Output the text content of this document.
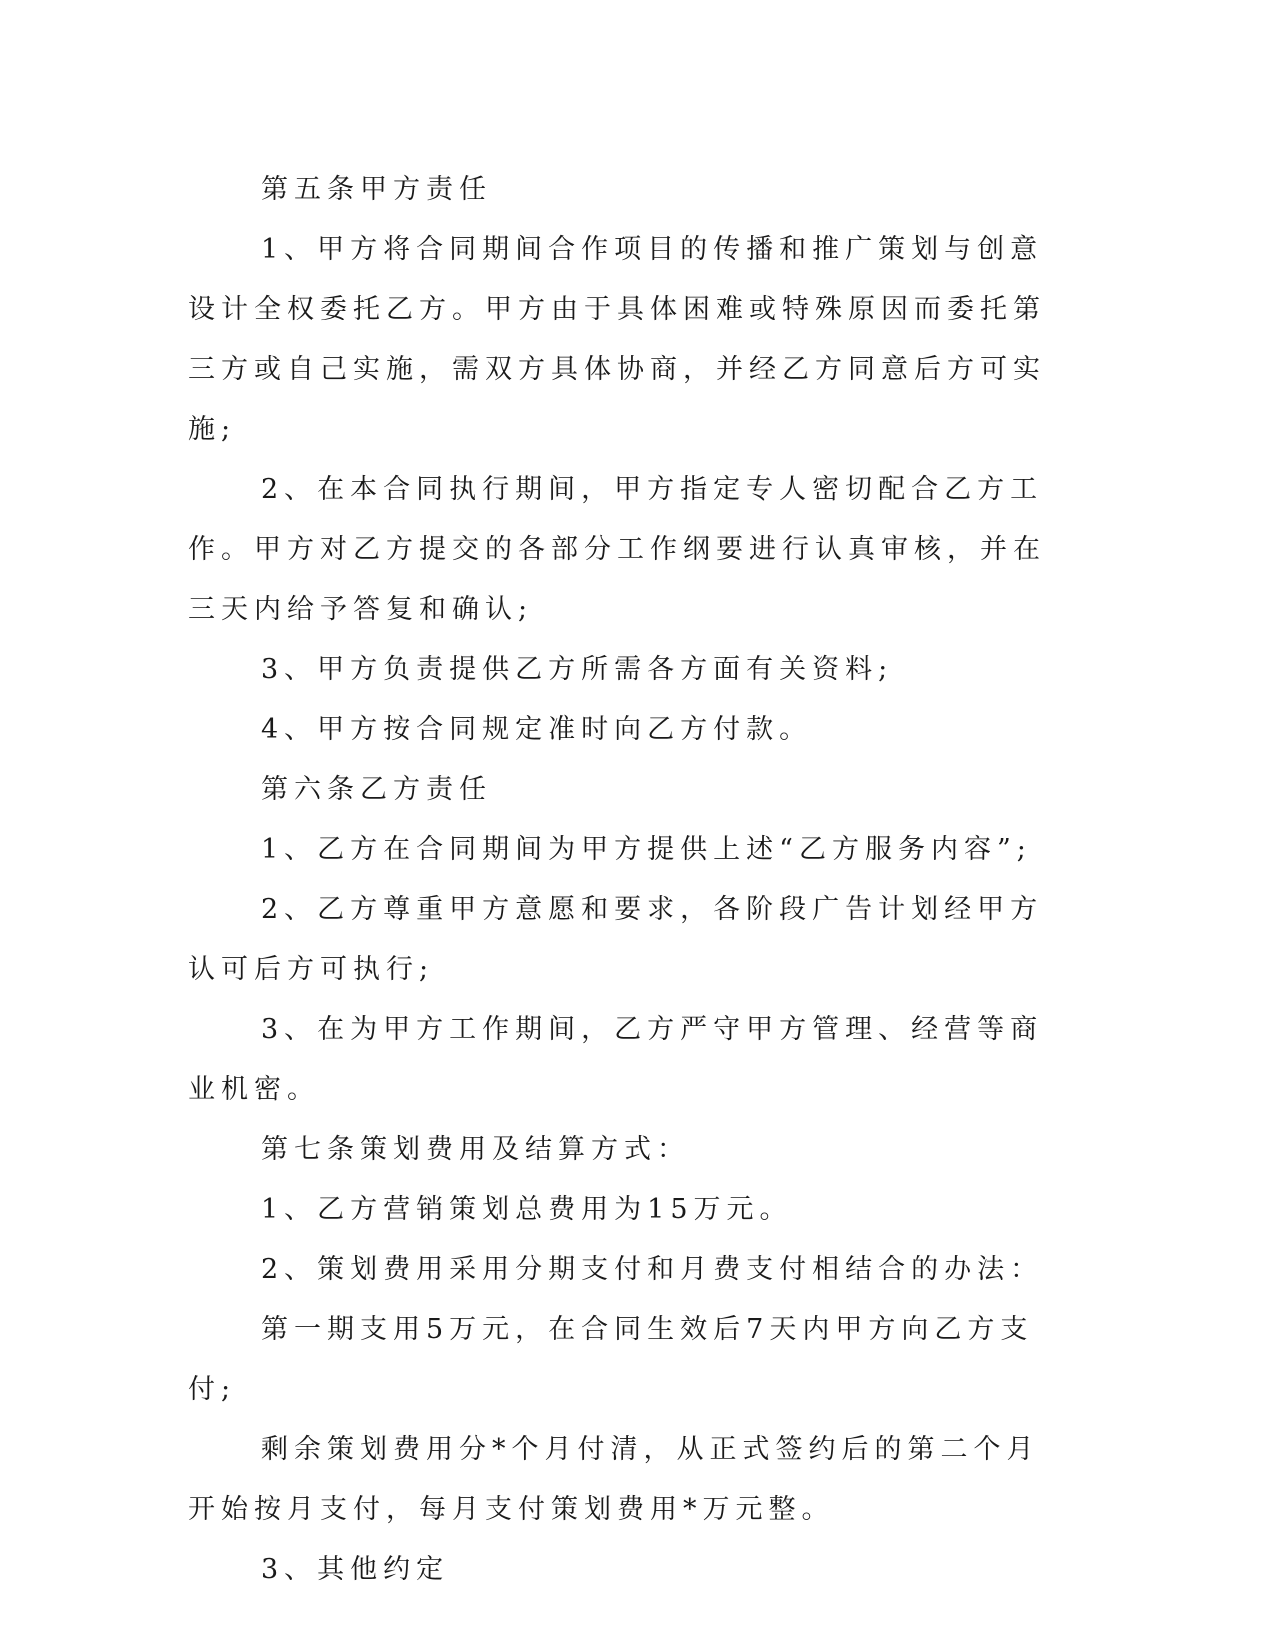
第五条甲方责任

1、甲方将合同期间合作项目的传播和推广策划与创意设计全权委托乙方。甲方由于具体困难或特殊原因而委托第三方或自己实施，需双方具体协商，并经乙方同意后方可实施;

2、在本合同执行期间，甲方指定专人密切配合乙方工作。甲方对乙方提交的各部分工作纲要进行认真审核，并在三天内给予答复和确认;

3、甲方负责提供乙方所需各方面有关资料;

4、甲方按合同规定准时向乙方付款。

第六条乙方责任

1、乙方在合同期间为甲方提供上述“乙方服务内容”;

2、乙方尊重甲方意愿和要求，各阶段广告计划经甲方认可后方可执行;

3、在为甲方工作期间，乙方严守甲方管理、经营等商业机密。

第七条策划费用及结算方式：

1、乙方营销策划总费用为15万元。

2、策划费用采用分期支付和月费支付相结合的办法：

第一期支用5万元，在合同生效后7天内甲方向乙方支付;

剩余策划费用分*个月付清，从正式签约后的第二个月开始按月支付，每月支付策划费用*万元整。

3、其他约定
